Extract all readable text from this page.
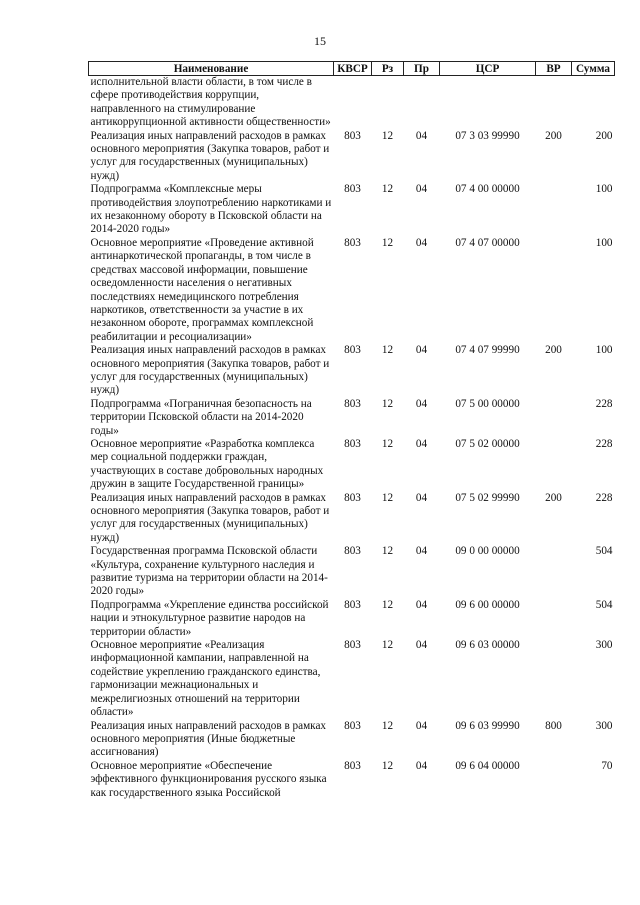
15
Наименование	КВСР	Рз	Пр	ЦСР	ВР	Сумма
исполнительной власти области, в том числе в сфере противодействия коррупции, направленного на стимулирование антикоррупционной активности общественности»						
Реализация иных направлений расходов в рамках основного мероприятия (Закупка товаров, работ и услуг для государственных (муниципальных) нужд)	803	12	04	07 3 03 99990	200	200
Подпрограмма «Комплексные меры противодействия злоупотреблению наркотиками и их незаконному обороту в Псковской области на 2014-2020 годы»	803	12	04	07 4 00 00000		100
Основное мероприятие «Проведение активной антинаркотической пропаганды, в том числе в средствах массовой информации, повышение осведомленности населения о негативных последствиях немедицинского потребления наркотиков, ответственности за участие в их незаконном обороте, программах комплексной реабилитации и ресоциализации»	803	12	04	07 4 07 00000		100
Реализация иных направлений расходов в рамках основного мероприятия (Закупка товаров, работ и услуг для государственных (муниципальных) нужд)	803	12	04	07 4 07 99990	200	100
Подпрограмма «Пограничная безопасность на территории Псковской области на 2014-2020 годы»	803	12	04	07 5 00 00000		228
Основное мероприятие «Разработка комплекса мер социальной поддержки граждан, участвующих в составе добровольных народных дружин в защите Государственной границы»	803	12	04	07 5 02 00000		228
Реализация иных направлений расходов в рамках основного мероприятия (Закупка товаров, работ и услуг для государственных (муниципальных) нужд)	803	12	04	07 5 02 99990	200	228
Государственная программа Псковской области «Культура, сохранение культурного наследия и развитие туризма на территории области на 2014-2020 годы»	803	12	04	09 0 00 00000		504
Подпрограмма «Укрепление единства российской нации и этнокультурное развитие народов на территории области»	803	12	04	09 6 00 00000		504
Основное мероприятие «Реализация информационной кампании, направленной на содействие укреплению гражданского единства, гармонизации межнациональных и межрелигиозных отношений на территории области»	803	12	04	09 6 03 00000		300
Реализация иных направлений расходов в рамках основного мероприятия (Иные бюджетные ассигнования)	803	12	04	09 6 03 99990	800	300
Основное мероприятие «Обеспечение эффективного функционирования русского языка как государственного языка Российской	803	12	04	09 6 04 00000		70
